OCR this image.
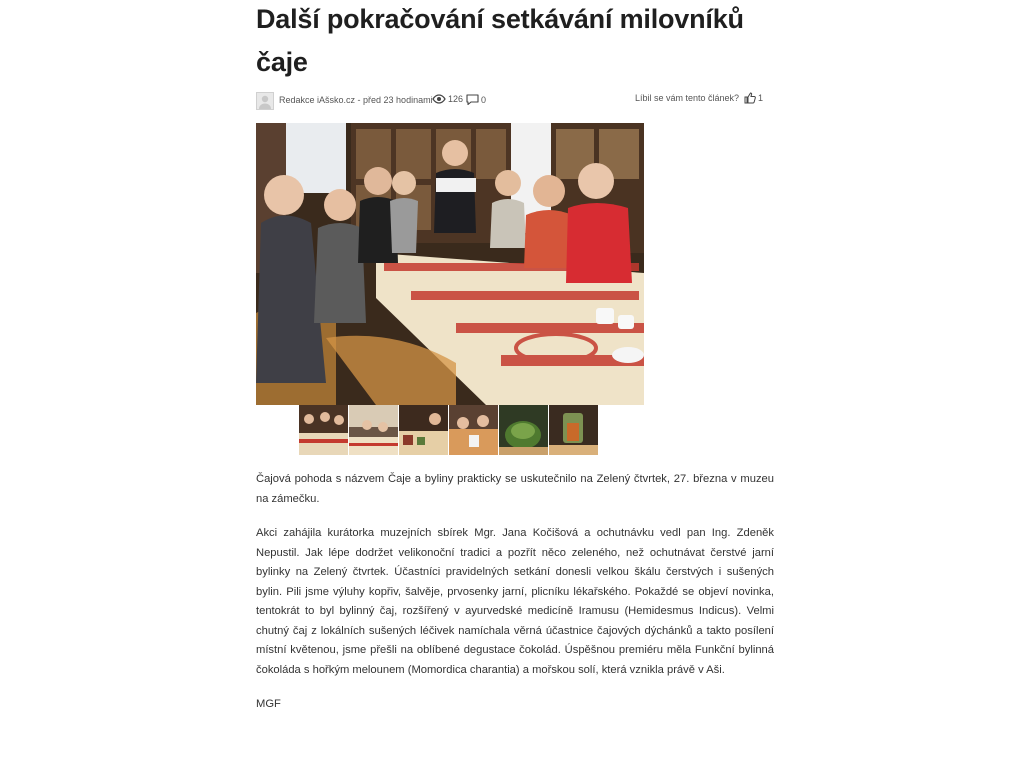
Další pokračování setkávání milovníků čaje
Redakce iAšsko.cz - před 23 hodinami 126 0	Líbil se vám tento článek? 1

Čajová pohoda s názvem Čaje a byliny prakticky se uskutečnilo na Zelený čtvrtek, 27. března v muzeu na zámečku.

Akci zahájila kurátorka muzejních sbírek Mgr. Jana Kočišová a ochutnávku vedl pan Ing. Zdeněk Nepustil. Jak lépe dodržet velikonoční tradici a pozřít něco zeleného, než ochutnávat čerstvé jarní bylinky na Zelený čtvrtek. Účastníci pravidelných setkání donesli velkou škálu čerstvých i sušených bylin. Pili jsme výluhy kopřiv, šalvěje, prvosenky jarní, plicníku lékařského. Pokaždé se objeví novinka, tentokrát to byl bylinný čaj, rozšířený v ayurvedské medicíně Iramusu (Hemidesmus Indicus). Velmi chutný čaj z lokálních sušených léčivek namíchala věrná účastnice čajových dýchánků a takto posílení místní květenou, jsme přešli na oblíbené degustace čokolád. Úspěšnou premiéru měla Funkční bylinná čokoláda s hořkým melounem (Momordica charantia) a mořskou solí, která vznikla právě v Aši.

MGF
